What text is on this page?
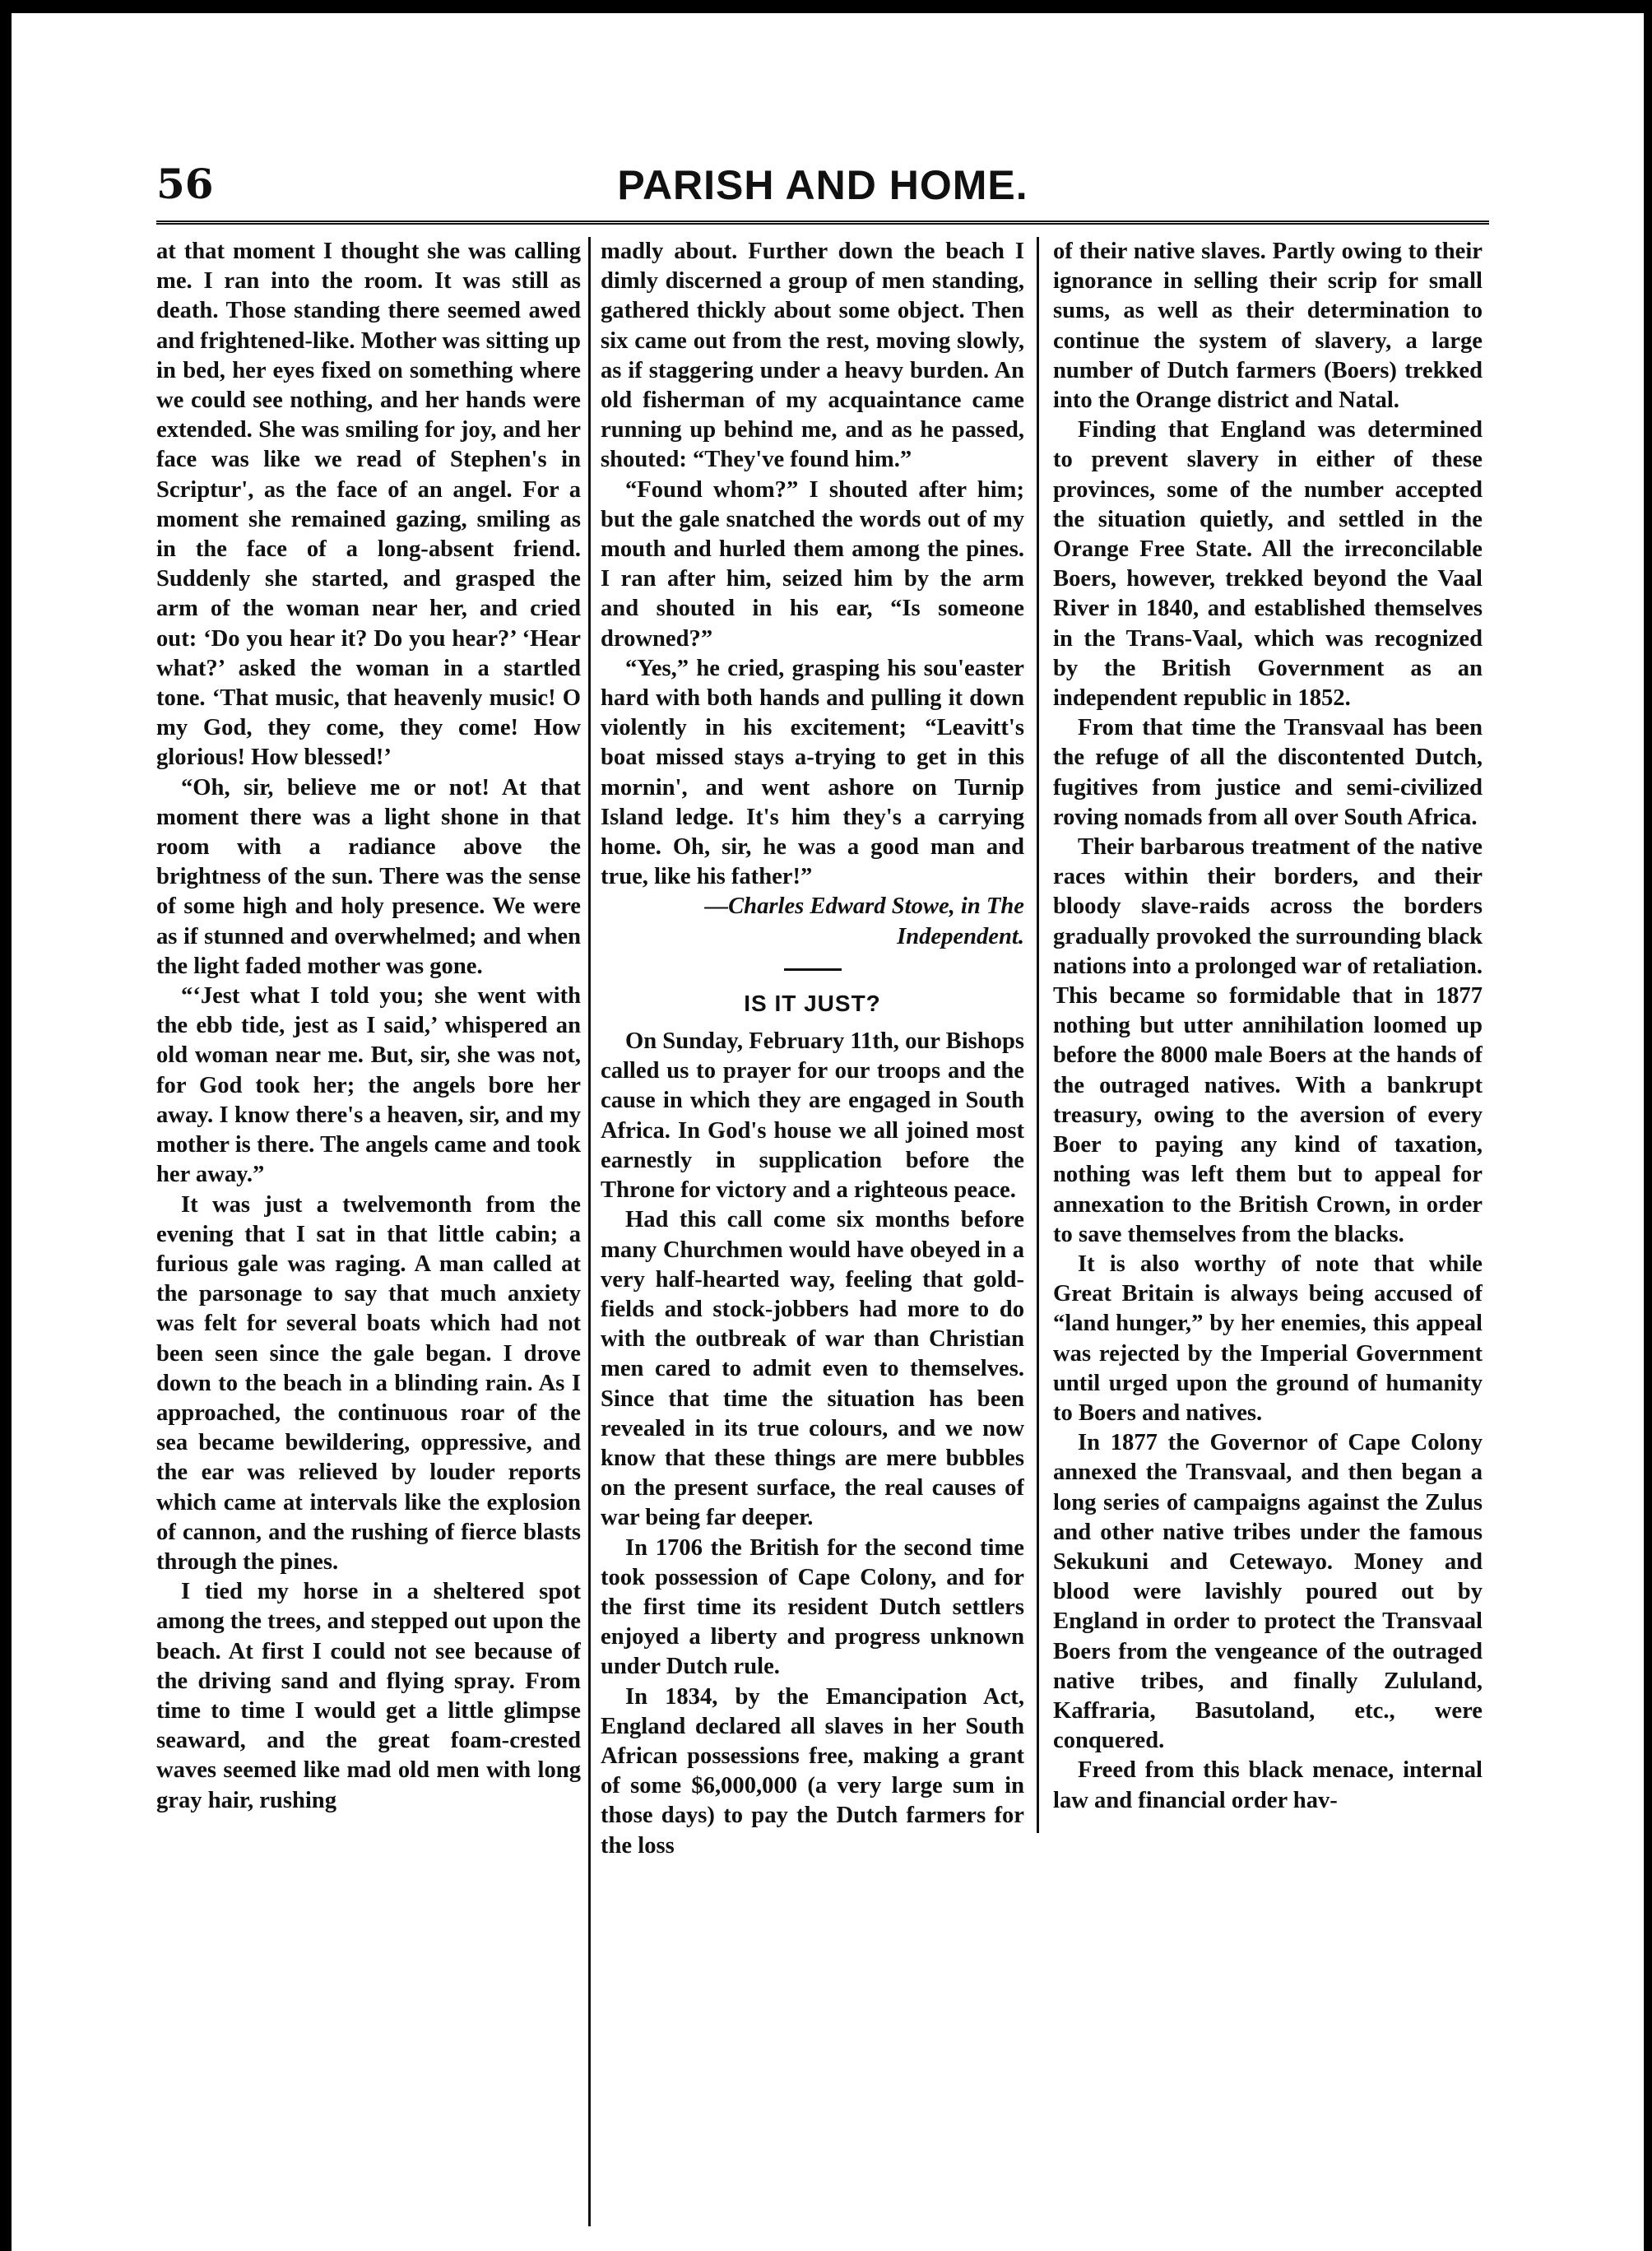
56	PARISH AND HOME.

at that moment I thought she was calling me. I ran into the room. It was still as death. Those standing there seemed awed and frightened-like. Mother was sitting up in bed, her eyes fixed on something where we could see nothing, and her hands were extended. She was smiling for joy, and her face was like we read of Stephen's in Scriptur', as the face of an angel. For a moment she remained gazing, smiling as in the face of a long-absent friend. Suddenly she started, and grasped the arm of the woman near her, and cried out: ‘Do you hear it? Do you hear?’ ‘Hear what?’ asked the woman in a startled tone. ‘That music, that heavenly music! O my God, they come, they come! How glorious! How blessed!’

“Oh, sir, believe me or not! At that moment there was a light shone in that room with a radiance above the brightness of the sun. There was the sense of some high and holy presence. We were as if stunned and overwhelmed; and when the light faded mother was gone.

“‘Jest what I told you; she went with the ebb tide, jest as I said,’ whispered an old woman near me. But, sir, she was not, for God took her; the angels bore her away. I know there's a heaven, sir, and my mother is there. The angels came and took her away.”

It was just a twelvemonth from the evening that I sat in that little cabin; a furious gale was raging. A man called at the parsonage to say that much anxiety was felt for several boats which had not been seen since the gale began. I drove down to the beach in a blinding rain. As I approached, the continuous roar of the sea became bewildering, oppressive, and the ear was relieved by louder reports which came at intervals like the explosion of cannon, and the rushing of fierce blasts through the pines.

I tied my horse in a sheltered spot among the trees, and stepped out upon the beach. At first I could not see because of the driving sand and flying spray. From time to time I would get a little glimpse seaward, and the great foam-crested waves seemed like mad old men with long gray hair, rushing

madly about. Further down the beach I dimly discerned a group of men standing, gathered thickly about some object. Then six came out from the rest, moving slowly, as if staggering under a heavy burden. An old fisherman of my acquaintance came running up behind me, and as he passed, shouted: “They've found him.”

“Found whom?” I shouted after him; but the gale snatched the words out of my mouth and hurled them among the pines. I ran after him, seized him by the arm and shouted in his ear, “Is someone drowned?”

“Yes,” he cried, grasping his sou'easter hard with both hands and pulling it down violently in his excitement; “Leavitt's boat missed stays a-trying to get in this mornin', and went ashore on Turnip Island ledge. It's him they's a carrying home. Oh, sir, he was a good man and true, like his father!”

—Charles Edward Stowe, in The Independent.

IS IT JUST?

On Sunday, February 11th, our Bishops called us to prayer for our troops and the cause in which they are engaged in South Africa. In God's house we all joined most earnestly in supplication before the Throne for victory and a righteous peace.

Had this call come six months before many Churchmen would have obeyed in a very half-hearted way, feeling that gold-fields and stock-jobbers had more to do with the outbreak of war than Christian men cared to admit even to themselves. Since that time the situation has been revealed in its true colours, and we now know that these things are mere bubbles on the present surface, the real causes of war being far deeper.

In 1706 the British for the second time took possession of Cape Colony, and for the first time its resident Dutch settlers enjoyed a liberty and progress unknown under Dutch rule.

In 1834, by the Emancipation Act, England declared all slaves in her South African possessions free, making a grant of some $6,000,000 (a very large sum in those days) to pay the Dutch farmers for the loss

of their native slaves. Partly owing to their ignorance in selling their scrip for small sums, as well as their determination to continue the system of slavery, a large number of Dutch farmers (Boers) trekked into the Orange district and Natal.

Finding that England was determined to prevent slavery in either of these provinces, some of the number accepted the situation quietly, and settled in the Orange Free State. All the irreconcilable Boers, however, trekked beyond the Vaal River in 1840, and established themselves in the Trans-Vaal, which was recognized by the British Government as an independent republic in 1852.

From that time the Transvaal has been the refuge of all the discontented Dutch, fugitives from justice and semi-civilized roving nomads from all over South Africa.

Their barbarous treatment of the native races within their borders, and their bloody slave-raids across the borders gradually provoked the surrounding black nations into a prolonged war of retaliation. This became so formidable that in 1877 nothing but utter annihilation loomed up before the 8000 male Boers at the hands of the outraged natives. With a bankrupt treasury, owing to the aversion of every Boer to paying any kind of taxation, nothing was left them but to appeal for annexation to the British Crown, in order to save themselves from the blacks.

It is also worthy of note that while Great Britain is always being accused of “land hunger,” by her enemies, this appeal was rejected by the Imperial Government until urged upon the ground of humanity to Boers and natives.

In 1877 the Governor of Cape Colony annexed the Transvaal, and then began a long series of campaigns against the Zulus and other native tribes under the famous Sekukuni and Cetewayo. Money and blood were lavishly poured out by England in order to protect the Transvaal Boers from the vengeance of the outraged native tribes, and finally Zululand, Kaffraria, Basutoland, etc., were conquered.

Freed from this black menace, internal law and financial order hav-
